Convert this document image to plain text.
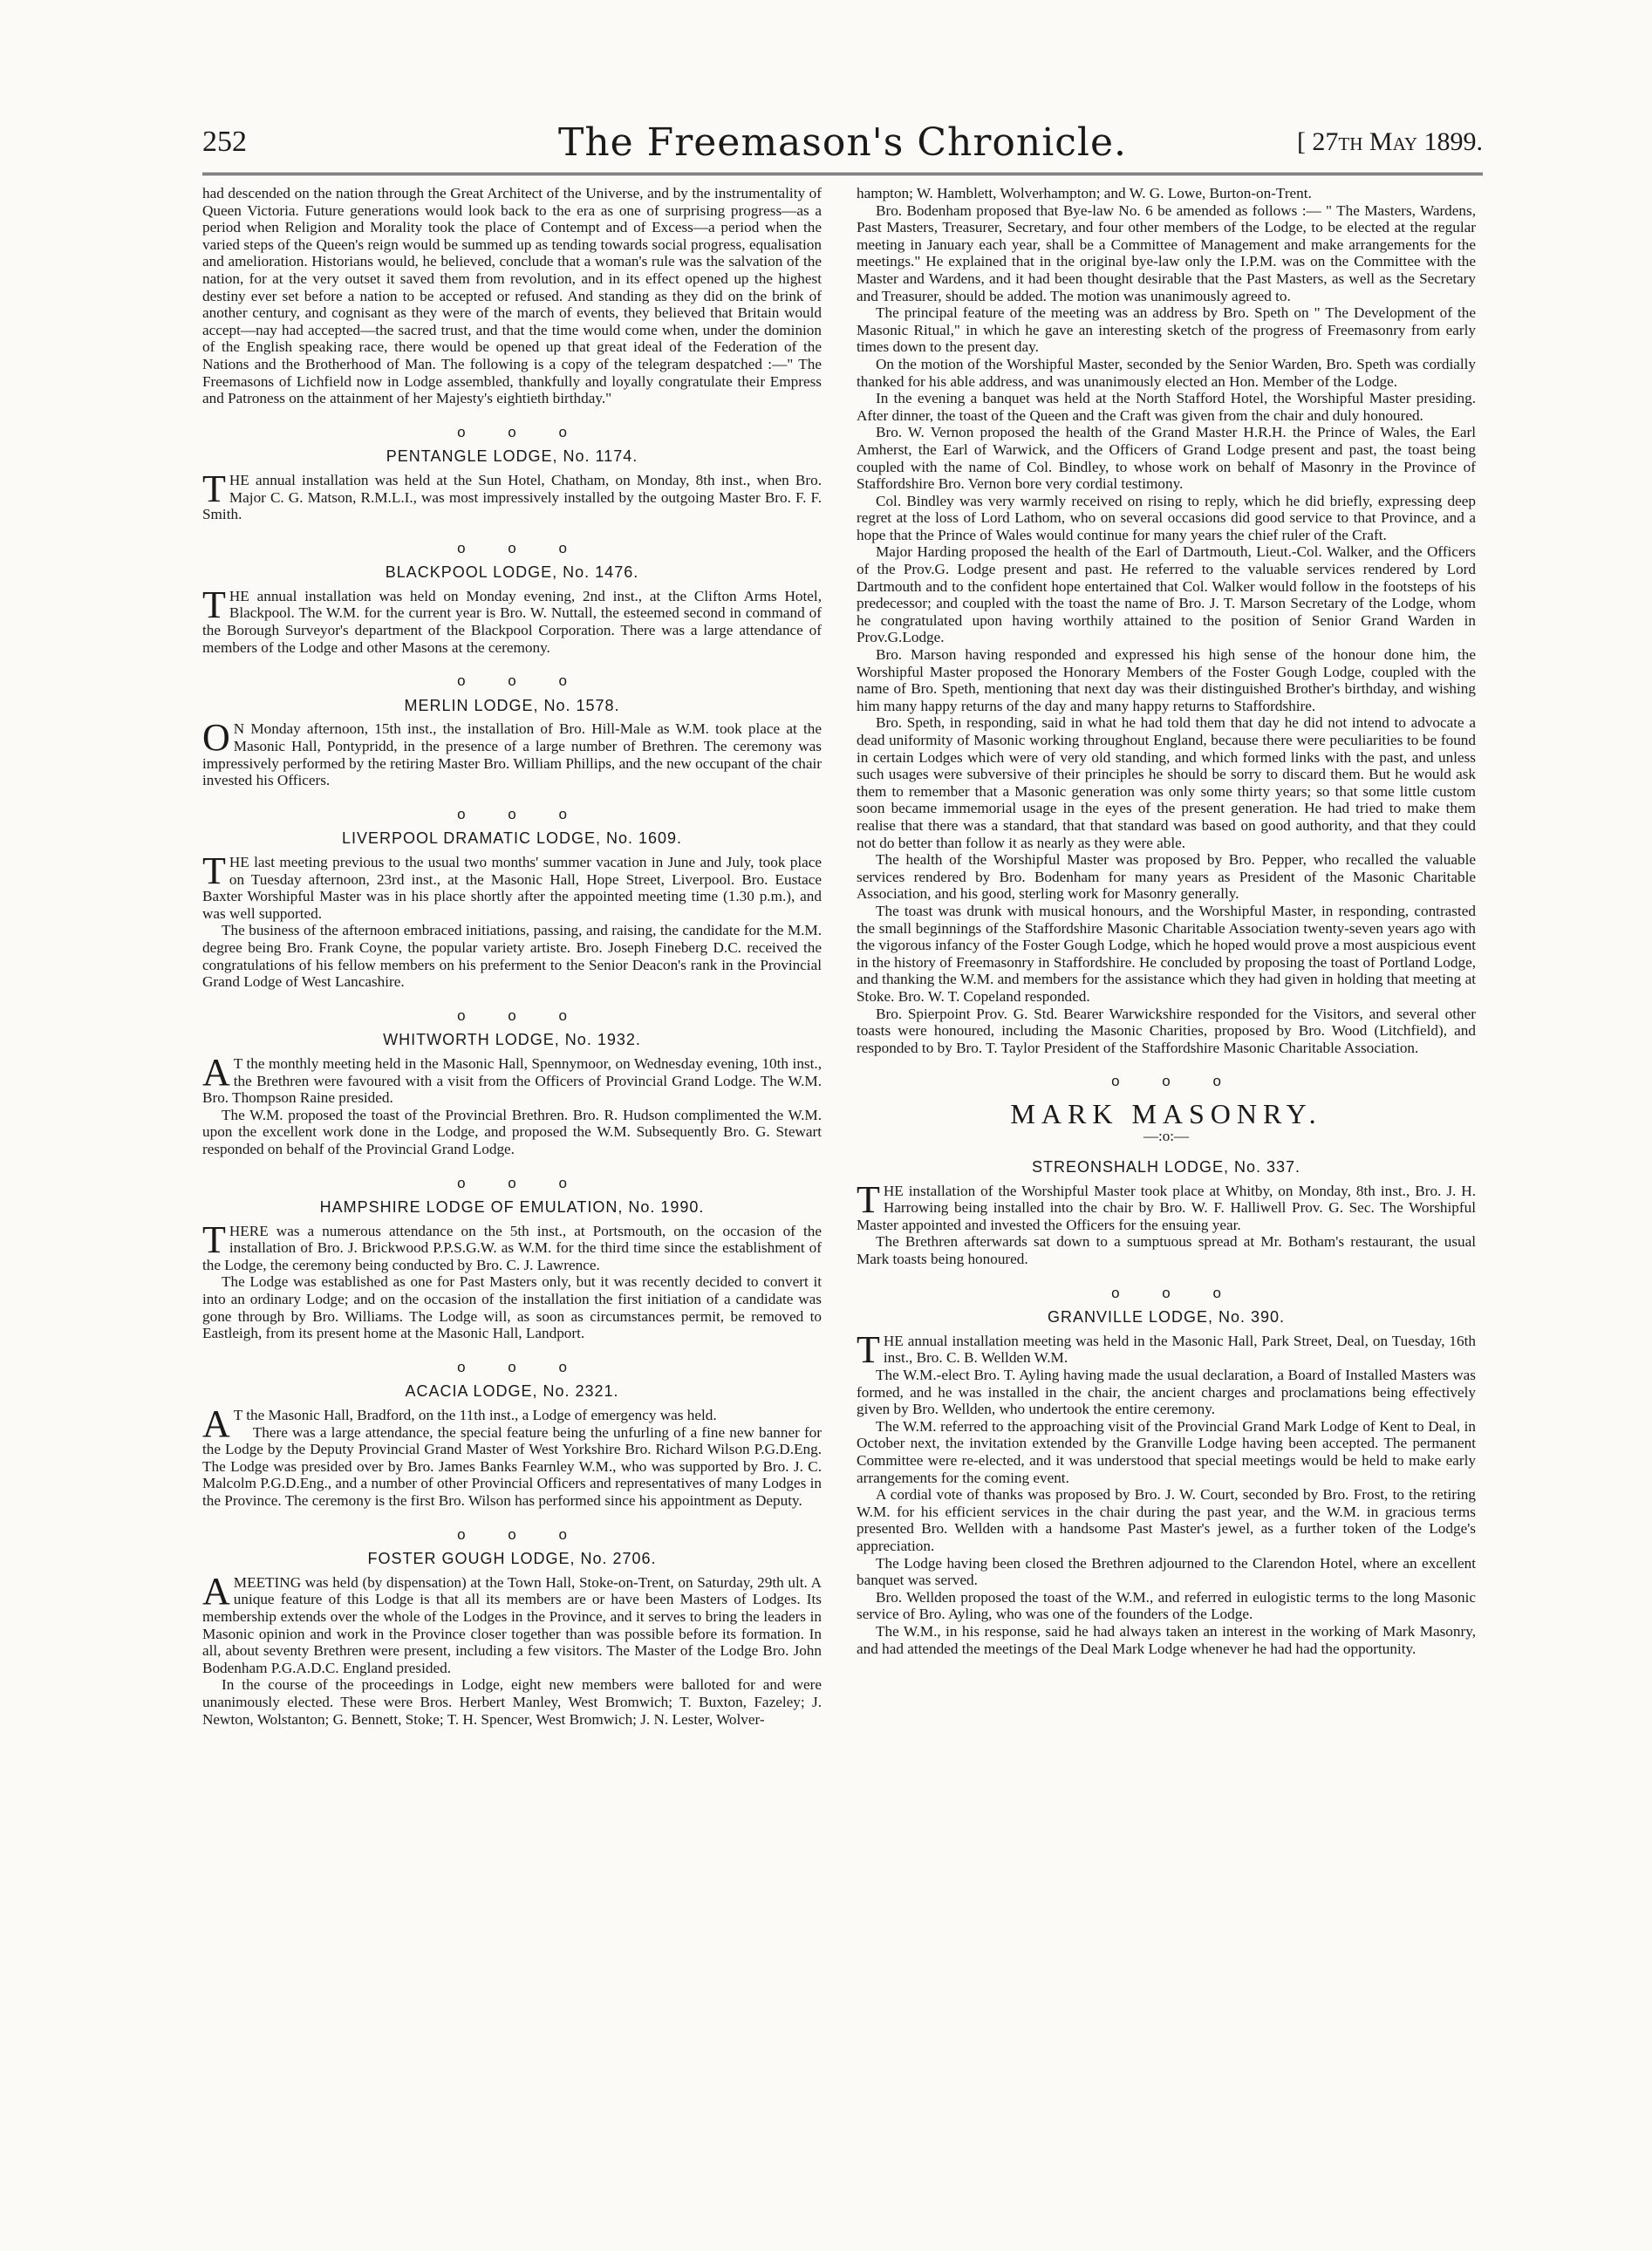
252	The Freemason's Chronicle.	[ 27th May 1899.

had descended on the nation through the Great Architect of the Universe, and by the instrumentality of Queen Victoria. Future generations would look back to the era as one of surprising progress—as a period when Religion and Morality took the place of Contempt and of Excess—a period when the varied steps of the Queen's reign would be summed up as tending towards social progress, equalisation and amelioration. Historians would, he believed, conclude that a woman's rule was the salvation of the nation, for at the very outset it saved them from revolution, and in its effect opened up the highest destiny ever set before a nation to be accepted or refused. And standing as they did on the brink of another century, and cognisant as they were of the march of events, they believed that Britain would accept—nay had accepted—the sacred trust, and that the time would come when, under the dominion of the English speaking race, there would be opened up that great ideal of the Federation of the Nations and the Brotherhood of Man. The following is a copy of the telegram despatched :—" The Freemasons of Lichfield now in Lodge assembled, thankfully and loyally congratulate their Empress and Patroness on the attainment of her Majesty's eightieth birthday."

o o o
PENTANGLE LODGE, No. 1174.

THE annual installation was held at the Sun Hotel, Chatham, on Monday, 8th inst., when Bro. Major C. G. Matson, R.M.L.I., was most impressively installed by the outgoing Master Bro. F. F. Smith.

o o o
BLACKPOOL LODGE, No. 1476.

THE annual installation was held on Monday evening, 2nd inst., at the Clifton Arms Hotel, Blackpool. The W.M. for the current year is Bro. W. Nuttall, the esteemed second in command of the Borough Surveyor's department of the Blackpool Corporation. There was a large attendance of members of the Lodge and other Masons at the ceremony.

o o o
MERLIN LODGE, No. 1578.

O N Monday afternoon, 15th inst., the installation of Bro. Hill-Male as W.M. took place at the Masonic Hall, Pontypridd, in the presence of a large number of Brethren. The ceremony was impressively performed by the retiring Master Bro. William Phillips, and the new occupant of the chair invested his Officers.

o o o
LIVERPOOL DRAMATIC LODGE, No. 1609.

THE last meeting previous to the usual two months' summer vacation in June and July, took place on Tuesday afternoon, 23rd inst., at the Masonic Hall, Hope Street, Liverpool. Bro. Eustace Baxter Worshipful Master was in his place shortly after the appointed meeting time (1.30 p.m.), and was well supported.

The business of the afternoon embraced initiations, passing, and raising, the candidate for the M.M. degree being Bro. Frank Coyne, the popular variety artiste. Bro. Joseph Fineberg D.C. received the congratulations of his fellow members on his preferment to the Senior Deacon's rank in the Provincial Grand Lodge of West Lancashire.

o o o
WHITWORTH LODGE, No. 1932.

A T the monthly meeting held in the Masonic Hall, Spennymoor, on Wednesday evening, 10th inst., the Brethren were favoured with a visit from the Officers of Provincial Grand Lodge. The W.M. Bro. Thompson Raine presided.

The W.M. proposed the toast of the Provincial Brethren. Bro. R. Hudson complimented the W.M. upon the excellent work done in the Lodge, and proposed the W.M. Subsequently Bro. G. Stewart responded on behalf of the Provincial Grand Lodge.

o o o
HAMPSHIRE LODGE OF EMULATION, No. 1990.

THERE was a numerous attendance on the 5th inst., at Portsmouth, on the occasion of the installation of Bro. J. Brickwood P.P.S.G.W. as W.M. for the third time since the establishment of the Lodge, the ceremony being conducted by Bro. C. J. Lawrence.

The Lodge was established as one for Past Masters only, but it was recently decided to convert it into an ordinary Lodge; and on the occasion of the installation the first initiation of a candidate was gone through by Bro. Williams. The Lodge will, as soon as circumstances permit, be removed to Eastleigh, from its present home at the Masonic Hall, Landport.

o o o
ACACIA LODGE, No. 2321.

A T the Masonic Hall, Bradford, on the 11th inst., a Lodge of emergency was held.

There was a large attendance, the special feature being the unfurling of a fine new banner for the Lodge by the Deputy Provincial Grand Master of West Yorkshire Bro. Richard Wilson P.G.D.Eng. The Lodge was presided over by Bro. James Banks Fearnley W.M., who was supported by Bro. J. C. Malcolm P.G.D.Eng., and a number of other Provincial Officers and representatives of many Lodges in the Province. The ceremony is the first Bro. Wilson has performed since his appointment as Deputy.

o o o
FOSTER GOUGH LODGE, No. 2706.

AMEETING was held (by dispensation) at the Town Hall, Stoke-on-Trent, on Saturday, 29th ult. A unique feature of this Lodge is that all its members are or have been Masters of Lodges. Its membership extends over the whole of the Lodges in the Province, and it serves to bring the leaders in Masonic opinion and work in the Province closer together than was possible before its formation. In all, about seventy Brethren were present, including a few visitors. The Master of the Lodge Bro. John Bodenham P.G.A.D.C. England presided.

In the course of the proceedings in Lodge, eight new members were balloted for and were unanimously elected. These were Bros. Herbert Manley, West Bromwich; T. Buxton, Fazeley; J. Newton, Wolstanton; G. Bennett, Stoke; T. H. Spencer, West Bromwich; J. N. Lester, Wolver-

hampton; W. Hamblett, Wolverhampton; and W. G. Lowe, Burton-on-Trent.

Bro. Bodenham proposed that Bye-law No. 6 be amended as follows :— " The Masters, Wardens, Past Masters, Treasurer, Secretary, and four other members of the Lodge, to be elected at the regular meeting in January each year, shall be a Committee of Management and make arrangements for the meetings." He explained that in the original bye-law only the I.P.M. was on the Committee with the Master and Wardens, and it had been thought desirable that the Past Masters, as well as the Secretary and Treasurer, should be added. The motion was unanimously agreed to.

The principal feature of the meeting was an address by Bro. Speth on " The Development of the Masonic Ritual," in which he gave an interesting sketch of the progress of Freemasonry from early times down to the present day.

On the motion of the Worshipful Master, seconded by the Senior Warden, Bro. Speth was cordially thanked for his able address, and was unanimously elected an Hon. Member of the Lodge.

In the evening a banquet was held at the North Stafford Hotel, the Worshipful Master presiding. After dinner, the toast of the Queen and the Craft was given from the chair and duly honoured.

Bro. W. Vernon proposed the health of the Grand Master H.R.H. the Prince of Wales, the Earl Amherst, the Earl of Warwick, and the Officers of Grand Lodge present and past, the toast being coupled with the name of Col. Bindley, to whose work on behalf of Masonry in the Province of Staffordshire Bro. Vernon bore very cordial testimony.

Col. Bindley was very warmly received on rising to reply, which he did briefly, expressing deep regret at the loss of Lord Lathom, who on several occasions did good service to that Province, and a hope that the Prince of Wales would continue for many years the chief ruler of the Craft.

Major Harding proposed the health of the Earl of Dartmouth, Lieut.-Col. Walker, and the Officers of the Prov.G. Lodge present and past. He referred to the valuable services rendered by Lord Dartmouth and to the confident hope entertained that Col. Walker would follow in the footsteps of his predecessor; and coupled with the toast the name of Bro. J. T. Marson Secretary of the Lodge, whom he congratulated upon having worthily attained to the position of Senior Grand Warden in Prov.G.Lodge.

Bro. Marson having responded and expressed his high sense of the honour done him, the Worshipful Master proposed the Honorary Members of the Foster Gough Lodge, coupled with the name of Bro. Speth, mentioning that next day was their distinguished Brother's birthday, and wishing him many happy returns of the day and many happy returns to Staffordshire.

Bro. Speth, in responding, said in what he had told them that day he did not intend to advocate a dead uniformity of Masonic working throughout England, because there were peculiarities to be found in certain Lodges which were of very old standing, and which formed links with the past, and unless such usages were subversive of their principles he should be sorry to discard them. But he would ask them to remember that a Masonic generation was only some thirty years; so that some little custom soon became immemorial usage in the eyes of the present generation. He had tried to make them realise that there was a standard, that that standard was based on good authority, and that they could not do better than follow it as nearly as they were able.

The health of the Worshipful Master was proposed by Bro. Pepper, who recalled the valuable services rendered by Bro. Bodenham for many years as President of the Masonic Charitable Association, and his good, sterling work for Masonry generally.

The toast was drunk with musical honours, and the Worshipful Master, in responding, contrasted the small beginnings of the Staffordshire Masonic Charitable Association twenty-seven years ago with the vigorous infancy of the Foster Gough Lodge, which he hoped would prove a most auspicious event in the history of Freemasonry in Staffordshire. He concluded by proposing the toast of Portland Lodge, and thanking the W.M. and members for the assistance which they had given in holding that meeting at Stoke. Bro. W. T. Copeland responded.

Bro. Spierpoint Prov. G. Std. Bearer Warwickshire responded for the Visitors, and several other toasts were honoured, including the Masonic Charities, proposed by Bro. Wood (Litchfield), and responded to by Bro. T. Taylor President of the Staffordshire Masonic Charitable Association.

o o o
MARK MASONRY.
—:o:—
STREONSHALH LODGE, No. 337.

THE installation of the Worshipful Master took place at Whitby, on Monday, 8th inst., Bro. J. H. Harrowing being installed into the chair by Bro. W. F. Halliwell Prov. G. Sec. The Worshipful Master appointed and invested the Officers for the ensuing year.

The Brethren afterwards sat down to a sumptuous spread at Mr. Botham's restaurant, the usual Mark toasts being honoured.

o o o
GRANVILLE LODGE, No. 390.

THE annual installation meeting was held in the Masonic Hall, Park Street, Deal, on Tuesday, 16th inst., Bro. C. B. Wellden W.M.

The W.M.-elect Bro. T. Ayling having made the usual declaration, a Board of Installed Masters was formed, and he was installed in the chair, the ancient charges and proclamations being effectively given by Bro. Wellden, who undertook the entire ceremony.

The W.M. referred to the approaching visit of the Provincial Grand Mark Lodge of Kent to Deal, in October next, the invitation extended by the Granville Lodge having been accepted. The permanent Committee were re-elected, and it was understood that special meetings would be held to make early arrangements for the coming event.

A cordial vote of thanks was proposed by Bro. J. W. Court, seconded by Bro. Frost, to the retiring W.M. for his efficient services in the chair during the past year, and the W.M. in gracious terms presented Bro. Wellden with a handsome Past Master's jewel, as a further token of the Lodge's appreciation.

The Lodge having been closed the Brethren adjourned to the Clarendon Hotel, where an excellent banquet was served.

Bro. Wellden proposed the toast of the W.M., and referred in eulogistic terms to the long Masonic service of Bro. Ayling, who was one of the founders of the Lodge.

The W.M., in his response, said he had always taken an interest in the working of Mark Masonry, and had attended the meetings of the Deal Mark Lodge whenever he had had the opportunity.
